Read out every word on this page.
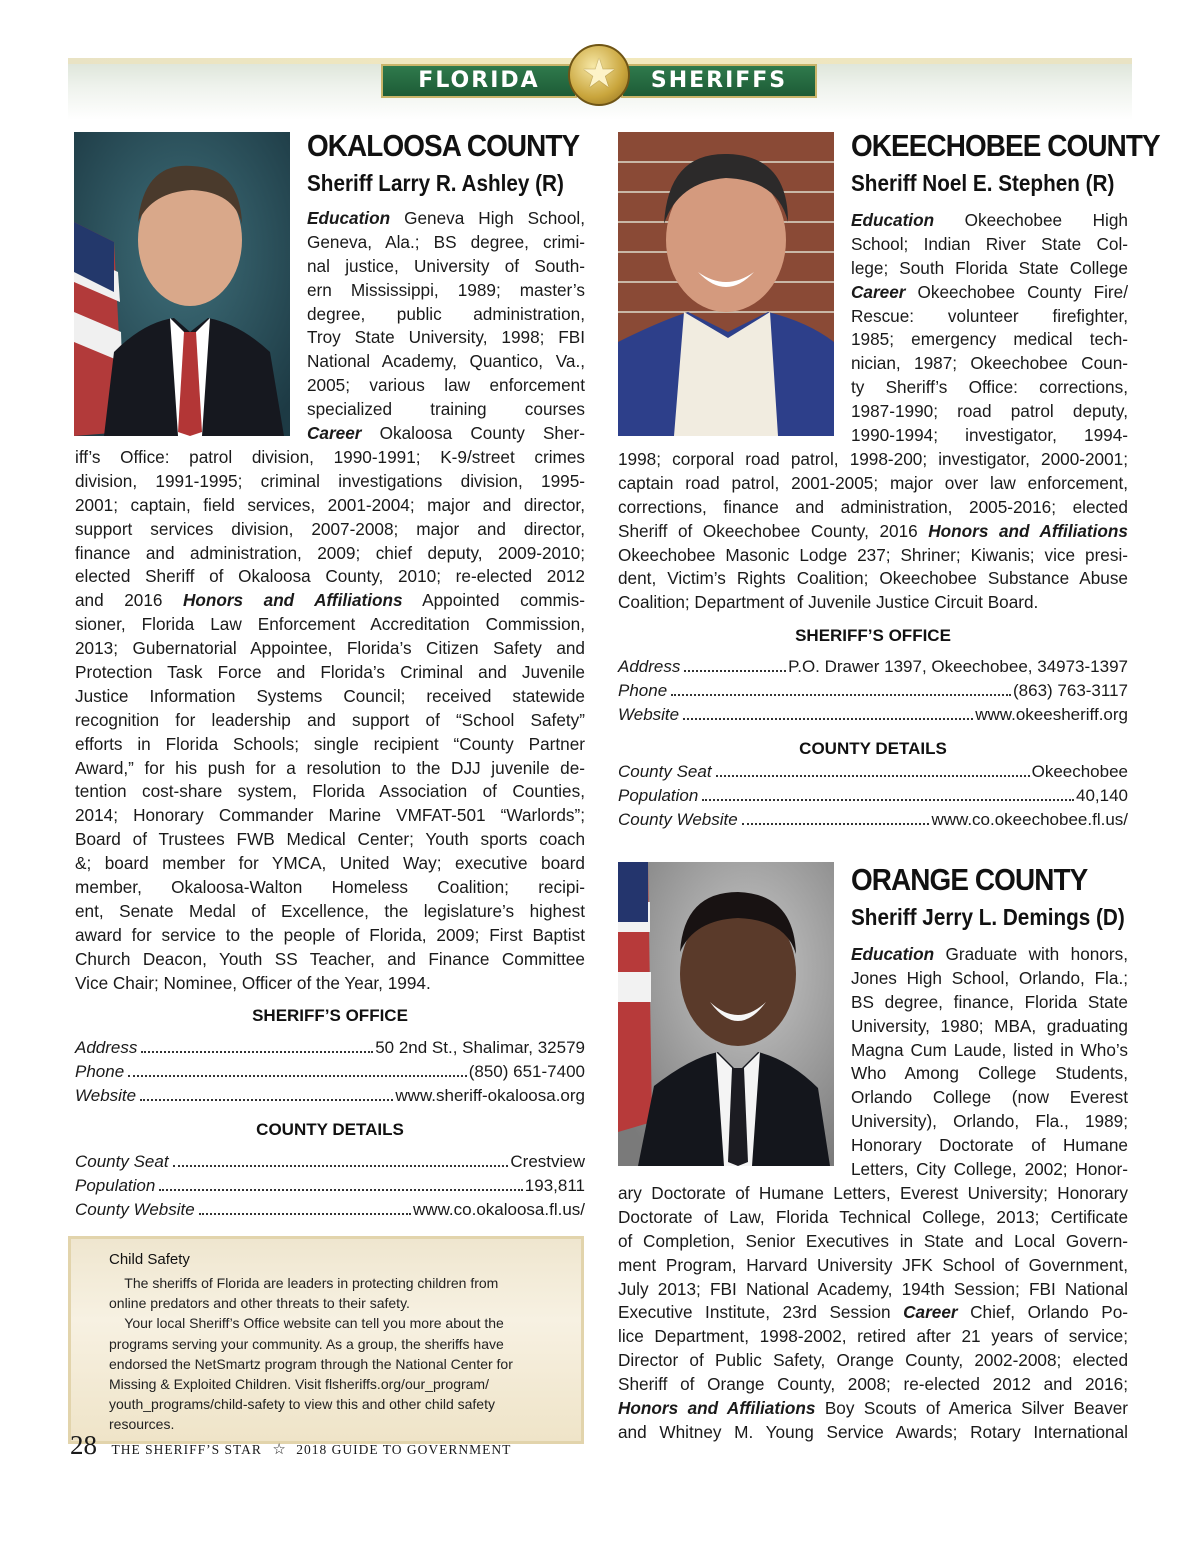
FLORIDA	SHERIFFS
★
OKALOOSA COUNTY
Sheriff Larry R. Ashley (R)
Education Geneva High School,
Geneva, Ala.; BS degree, crimi-
nal justice, University of South-
ern Mississippi, 1989; master’s
degree, public administration,
Troy State University, 1998; FBI
National Academy, Quantico, Va.,
2005; various law enforcement
specialized training courses
Career Okaloosa County Sher-
iff’s Office: patrol division, 1990-1991; K-9/street crimes
division, 1991-1995; criminal investigations division, 1995-
2001; captain, field services, 2001-2004; major and director,
support services division, 2007-2008; major and director,
finance and administration, 2009; chief deputy, 2009-2010;
elected Sheriff of Okaloosa County, 2010; re-elected 2012
and 2016 Honors and Affiliations Appointed commis-
sioner, Florida Law Enforcement Accreditation Commission,
2013; Gubernatorial Appointee, Florida’s Citizen Safety and
Protection Task Force and Florida’s Criminal and Juvenile
Justice Information Systems Council; received statewide
recognition for leadership and support of “School Safety”
efforts in Florida Schools; single recipient “County Partner
Award,” for his push for a resolution to the DJJ juvenile de-
tention cost-share system, Florida Association of Counties,
2014; Honorary Commander Marine VMFAT-501 “Warlords”;
Board of Trustees FWB Medical Center; Youth sports coach
&; board member for YMCA, United Way; executive board
member, Okaloosa-Walton Homeless Coalition; recipi-
ent, Senate Medal of Excellence, the legislature’s highest
award for service to the people of Florida, 2009; First Baptist
Church Deacon, Youth SS Teacher, and Finance Committee
Vice Chair; Nominee, Officer of the Year, 1994.
SHERIFF’S OFFICE
Address	50 2nd St., Shalimar, 32579
Phone	(850) 651-7400
Website	www.sheriff-okaloosa.org
COUNTY DETAILS
County Seat	Crestview
Population	193,811
County Website	www.co.okaloosa.fl.us/
Child Safety
The sheriffs of Florida are leaders in protecting children from
online predators and other threats to their safety.
Your local Sheriff’s Office website can tell you more about the
programs serving your community. As a group, the sheriffs have
endorsed the NetSmartz program through the National Center for
Missing & Exploited Children. Visit flsheriffs.org/our_program/
youth_programs/child-safety to view this and other child safety
resources.
OKEECHOBEE COUNTY
Sheriff Noel E. Stephen (R)
Education Okeechobee High
School; Indian River State Col-
lege; South Florida State College
Career Okeechobee County Fire/
Rescue: volunteer firefighter,
1985; emergency medical tech-
nician, 1987; Okeechobee Coun-
ty Sheriff’s Office: corrections,
1987-1990; road patrol deputy,
1990-1994; investigator, 1994-
1998; corporal road patrol, 1998-200; investigator, 2000-2001;
captain road patrol, 2001-2005; major over law enforcement,
corrections, finance and administration, 2005-2016; elected
Sheriff of Okeechobee County, 2016 Honors and Affiliations
Okeechobee Masonic Lodge 237; Shriner; Kiwanis; vice presi-
dent, Victim’s Rights Coalition; Okeechobee Substance Abuse
Coalition; Department of Juvenile Justice Circuit Board.
SHERIFF’S OFFICE
Address	P.O. Drawer 1397, Okeechobee, 34973-1397
Phone	(863) 763-3117
Website	www.okeesheriff.org
COUNTY DETAILS
County Seat	Okeechobee
Population	40,140
County Website	www.co.okeechobee.fl.us/
ORANGE COUNTY
Sheriff Jerry L. Demings (D)
Education Graduate with honors,
Jones High School, Orlando, Fla.;
BS degree, finance, Florida State
University, 1980; MBA, graduating
Magna Cum Laude, listed in Who’s
Who Among College Students,
Orlando College (now Everest
University), Orlando, Fla., 1989;
Honorary Doctorate of Humane
Letters, City College, 2002; Honor-
ary Doctorate of Humane Letters, Everest University; Honorary
Doctorate of Law, Florida Technical College, 2013; Certificate
of Completion, Senior Executives in State and Local Govern-
ment Program, Harvard University JFK School of Government,
July 2013; FBI National Academy, 194th Session; FBI National
Executive Institute, 23rd Session Career Chief, Orlando Po-
lice Department, 1998-2002, retired after 21 years of service;
Director of Public Safety, Orange County, 2002-2008; elected
Sheriff of Orange County, 2008; re-elected 2012 and 2016;
Honors and Affiliations Boy Scouts of America Silver Beaver
and Whitney M. Young Service Awards; Rotary International
28 THE SHERIFF’S STAR ☆ 2018 GUIDE TO GOVERNMENT
